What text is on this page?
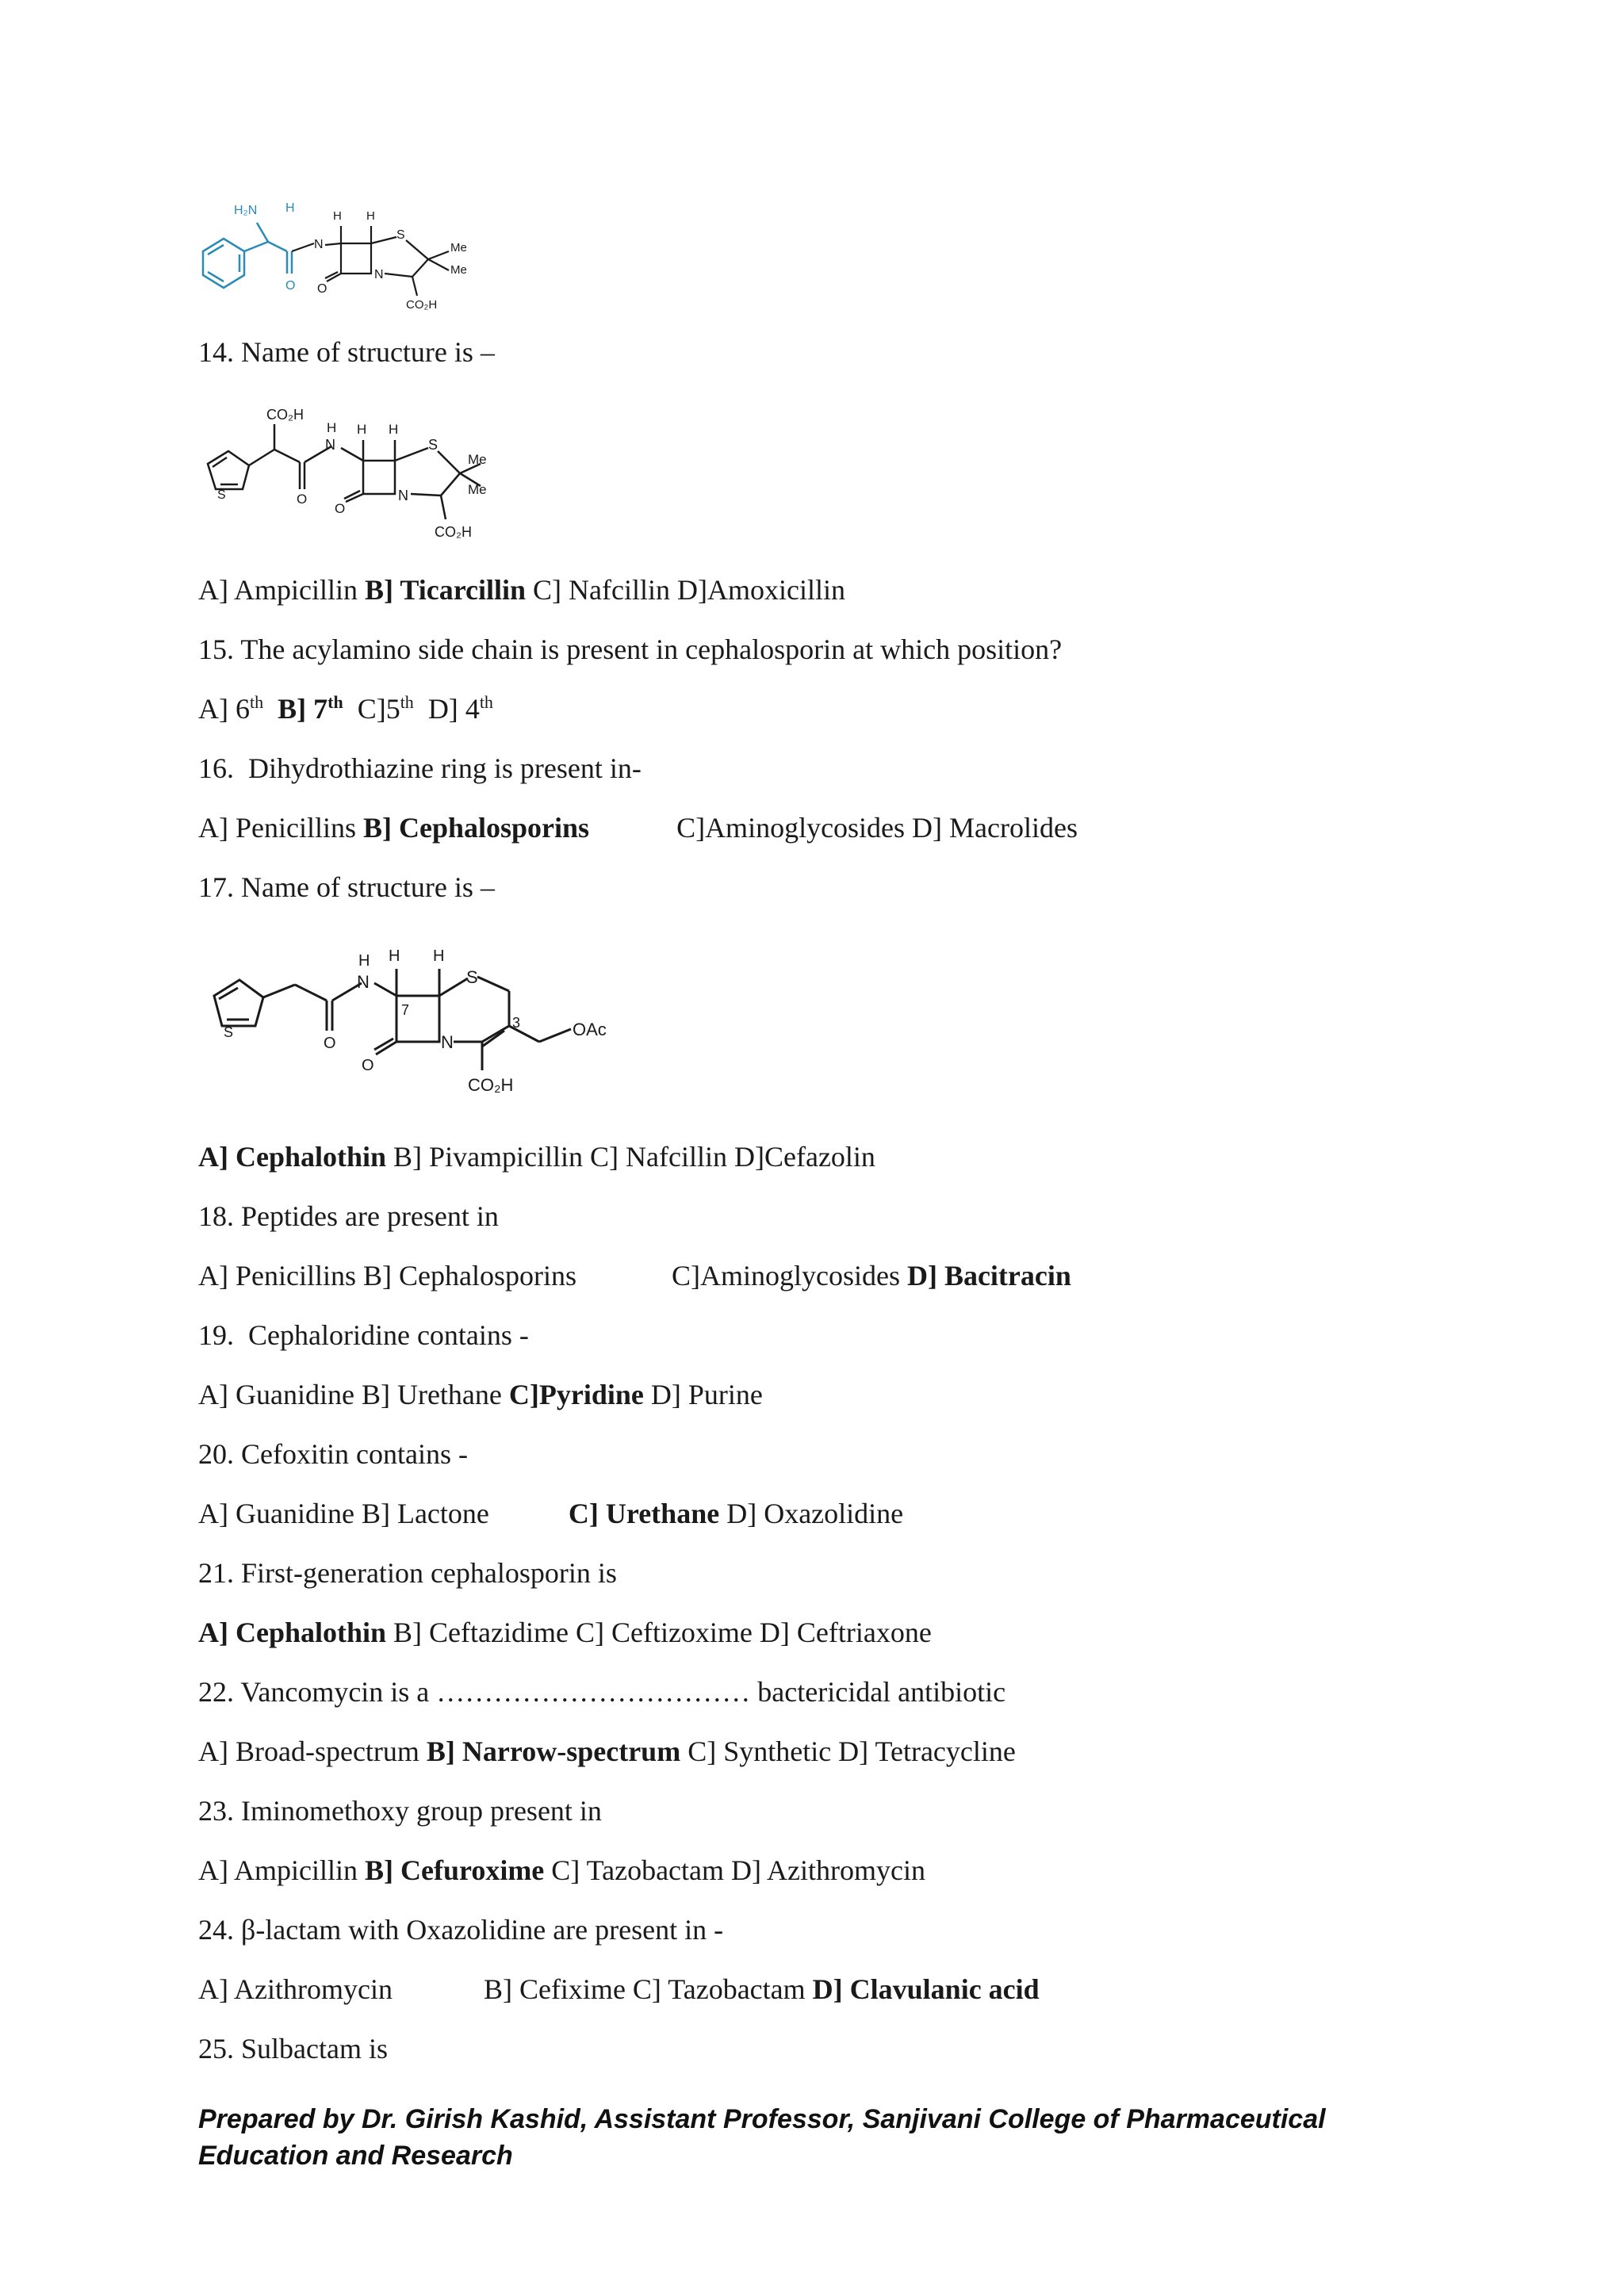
H₂N H
O
N
H H
S
N
O
Me
Me
CO₂H
14. Name of structure is –
CO₂H
S	O
N
H H H
S
N
O
Me
Me
CO₂H
A] Ampicillin B] Ticarcillin C] Nafcillin D]Amoxicillin
15. The acylamino side chain is present in cephalosporin at which position?
A] 6th B] 7th C]5th D] 4th
16.  Dihydrothiazine ring is present in-
A] Penicillins B] Cephalosporins	C]Aminoglycosides D] Macrolides
17. Name of structure is –
S
O
N
H H H
7
S
N
3
O
OAc
CO₂H
A] Cephalothin B] Pivampicillin C] Nafcillin D]Cefazolin
18. Peptides are present in
A] Penicillins B] Cephalosporins	C]Aminoglycosides D] Bacitracin
19.  Cephaloridine contains -
A] Guanidine B] Urethane C]Pyridine D] Purine
20. Cefoxitin contains -
A] Guanidine B] Lactone	C] Urethane D] Oxazolidine
21. First-generation cephalosporin is
A] Cephalothin B] Ceftazidime C] Ceftizoxime D] Ceftriaxone
22. Vancomycin is a …………………………… bactericidal antibiotic
A] Broad-spectrum B] Narrow-spectrum C] Synthetic D] Tetracycline
23. Iminomethoxy group present in
A] Ampicillin B] Cefuroxime C] Tazobactam D] Azithromycin
24. β-lactam with Oxazolidine are present in -
A] Azithromycin	B] Cefixime C] Tazobactam D] Clavulanic acid
25. Sulbactam is
Prepared by Dr. Girish Kashid, Assistant Professor, Sanjivani College of Pharmaceutical Education and Research
